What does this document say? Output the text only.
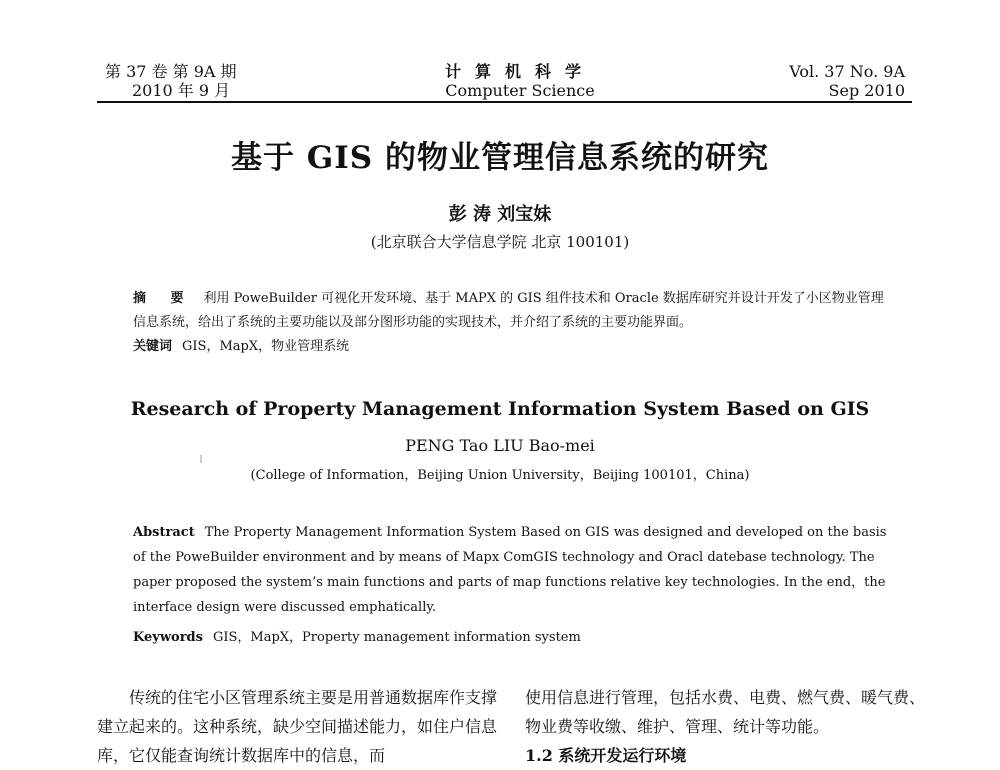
第 37 卷 第 9A 期
2010 年 9 月
计算机科学
Computer Science
Vol. 37 No. 9A
Sep 2010
基于 GIS 的物业管理信息系统的研究
彭 涛 刘宝妹
(北京联合大学信息学院 北京 100101)
摘 要 利用 PoweBuilder 可视化开发环境、基于 MAPX 的 GIS 组件技术和 Oracle 数据库研究并设计开发了小区物业管理信息系统，给出了系统的主要功能以及部分图形功能的实现技术，并介绍了系统的主要功能界面。
关键词 GIS，MapX，物业管理系统
Research of Property Management Information System Based on GIS
PENG Tao LIU Bao-mei
(College of Information，Beijing Union University，Beijing 100101，China)
Abstract The Property Management Information System Based on GIS was designed and developed on the basis of the PoweBuilder environment and by means of Mapx ComGIS technology and Oracl datebase technology. The paper proposed the system’s main functions and parts of map functions relative key technologies. In the end，the interface design were discussed emphatically.
Keywords GIS，MapX，Property management information system
传统的住宅小区管理系统主要是用普通数据库作支撑建立起来的。这种系统，缺少空间描述能力，如住户信息库，它仅能查询统计数据库中的信息，而
使用信息进行管理，包括水费、电费、燃气费、暖气费、物业费等收缴、维护、管理、统计等功能。
1.2 系统开发运行环境
